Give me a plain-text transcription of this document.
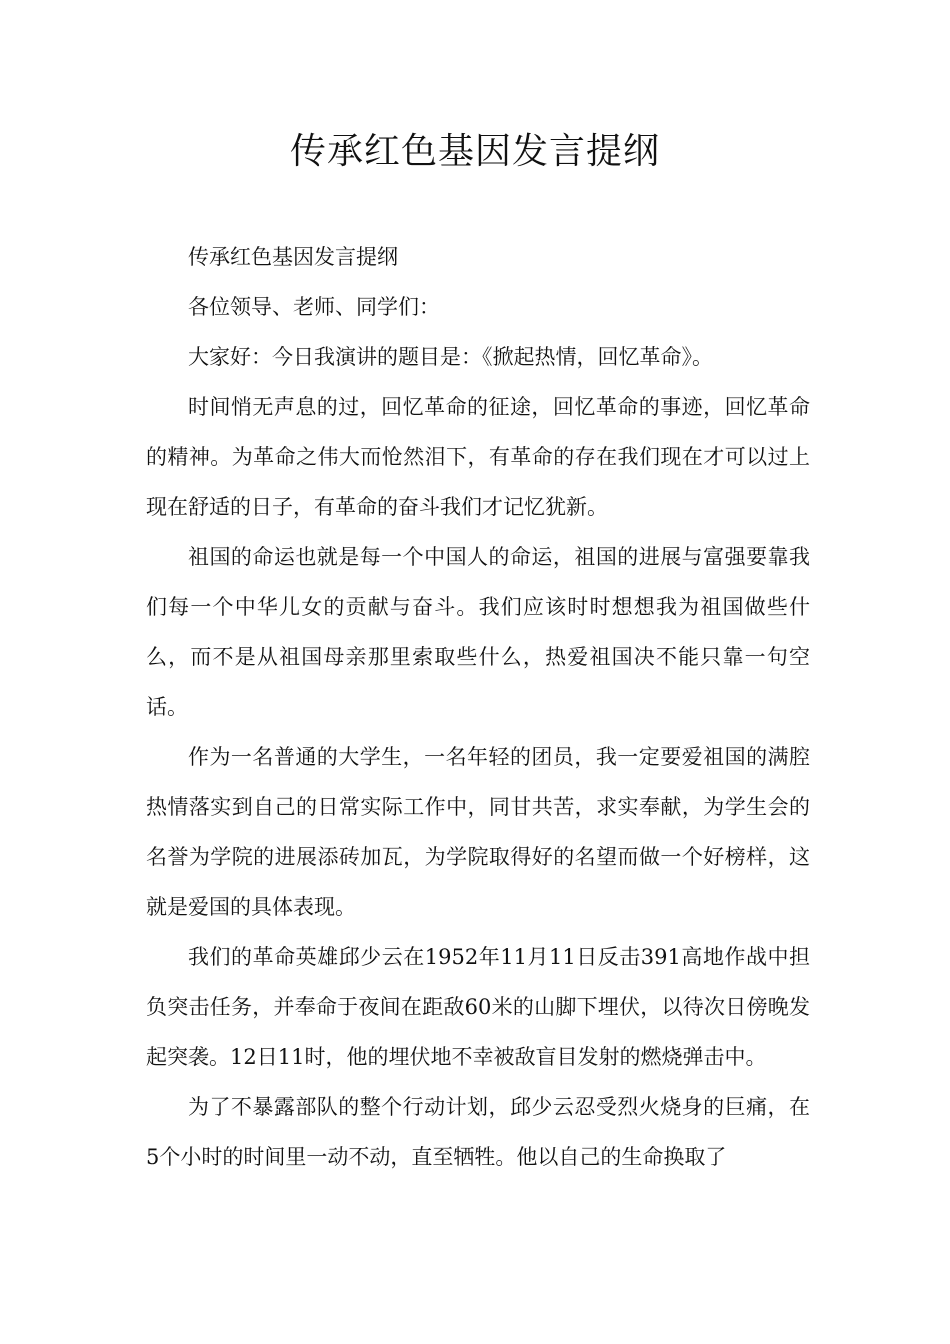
传承红色基因发言提纲

传承红色基因发言提纲

各位领导、老师、同学们：

大家好：今日我演讲的题目是：《掀起热情，回忆革命》。

时间悄无声息的过，回忆革命的征途，回忆革命的事迹，回忆革命的精神。为革命之伟大而怆然泪下，有革命的存在我们现在才可以过上现在舒适的日子，有革命的奋斗我们才记忆犹新。

祖国的命运也就是每一个中国人的命运，祖国的进展与富强要靠我们每一个中华儿女的贡献与奋斗。我们应该时时想想我为祖国做些什么，而不是从祖国母亲那里索取些什么，热爱祖国决不能只靠一句空话。

作为一名普通的大学生，一名年轻的团员，我一定要爱祖国的满腔热情落实到自己的日常实际工作中，同甘共苦，求实奉献，为学生会的名誉为学院的进展添砖加瓦，为学院取得好的名望而做一个好榜样，这就是爱国的具体表现。

我们的革命英雄邱少云在1952年11月11日反击391高地作战中担负突击任务，并奉命于夜间在距敌60米的山脚下埋伏，以待次日傍晚发起突袭。12日11时，他的埋伏地不幸被敌盲目发射的燃烧弹击中。

为了不暴露部队的整个行动计划，邱少云忍受烈火烧身的巨痛，在5个小时的时间里一动不动，直至牺牲。他以自己的生命换取了
